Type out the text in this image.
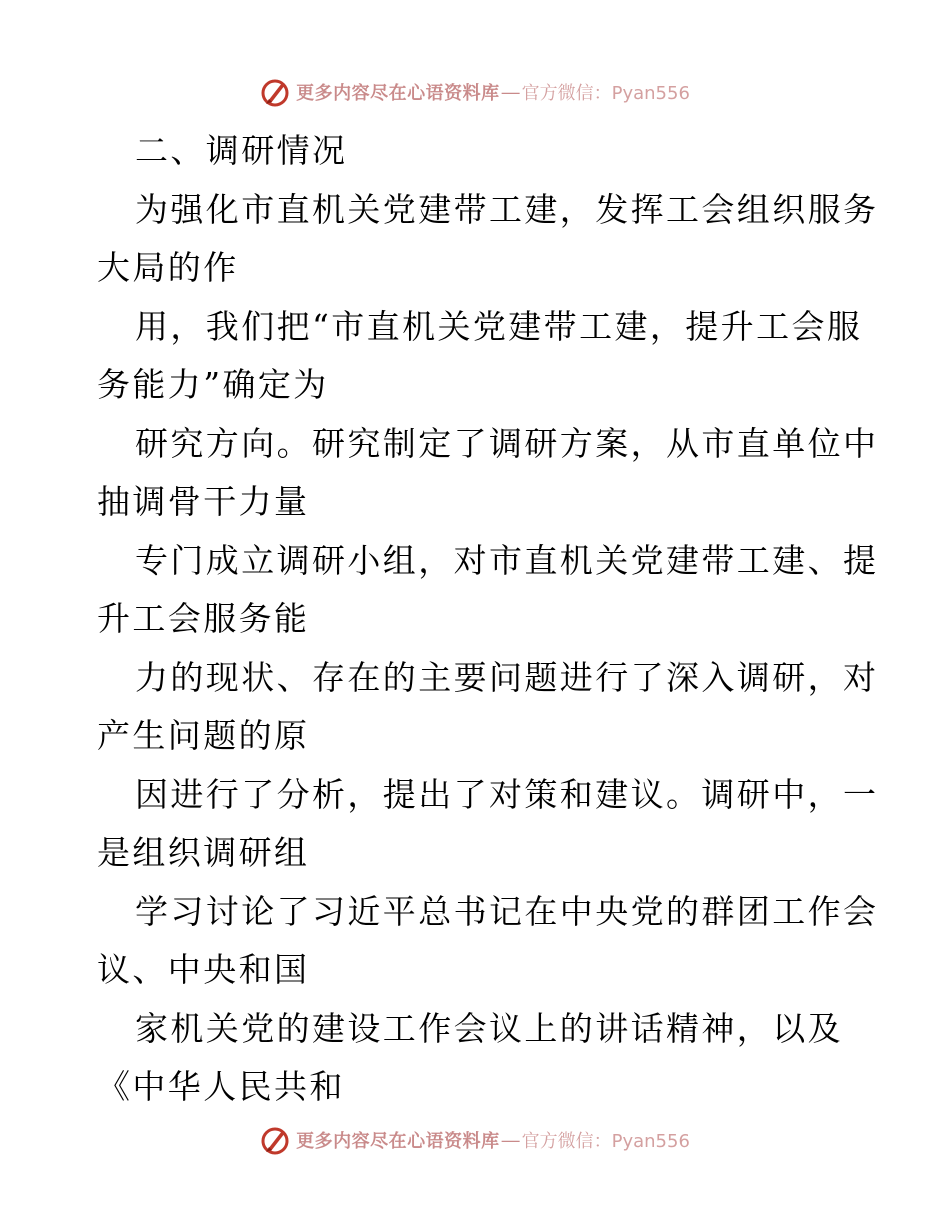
更多内容尽在心语资料库 — 官方微信：Pyan556
二、调研情况
为强化市直机关党建带工建，发挥工会组织服务
大局的作
用，我们把“市直机关党建带工建，提升工会服
务能力”确定为
研究方向。研究制定了调研方案，从市直单位中
抽调骨干力量
专门成立调研小组，对市直机关党建带工建、提
升工会服务能
力的现状、存在的主要问题进行了深入调研，对
产生问题的原
因进行了分析，提出了对策和建议。调研中，一
是组织调研组
学习讨论了习近平总书记在中央党的群团工作会
议、中央和国
家机关党的建设工作会议上的讲话精神，以及
《中华人民共和
更多内容尽在心语资料库 — 官方微信：Pyan556
